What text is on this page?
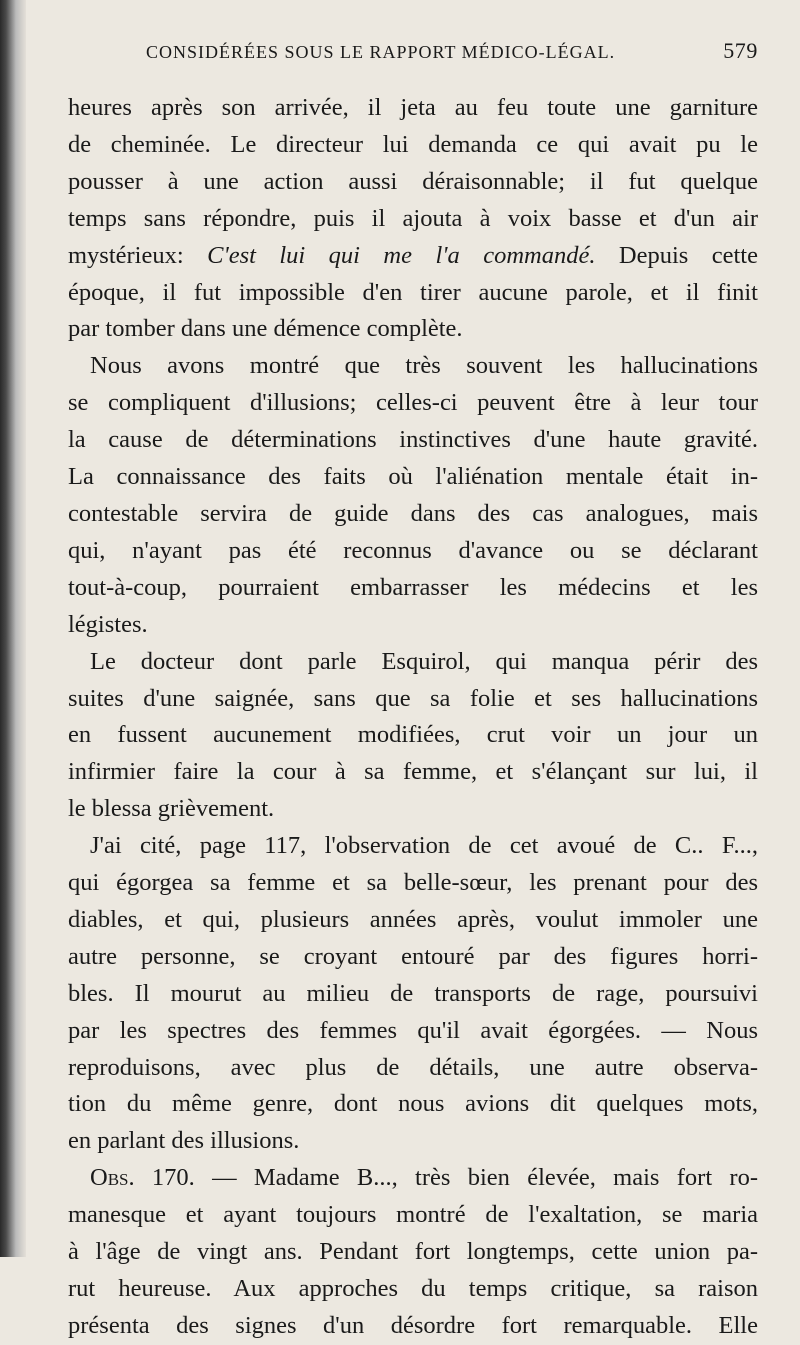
CONSIDÉRÉES SOUS LE RAPPORT MÉDICO-LÉGAL.	579
heures après son arrivée, il jeta au feu toute une garniture
de cheminée. Le directeur lui demanda ce qui avait pu le
pousser à une action aussi déraisonnable; il fut quelque
temps sans répondre, puis il ajouta à voix basse et d'un air
mystérieux: C'est lui qui me l'a commandé. Depuis cette
époque, il fut impossible d'en tirer aucune parole, et il finit
par tomber dans une démence complète.
Nous avons montré que très souvent les hallucinations
se compliquent d'illusions; celles-ci peuvent être à leur tour
la cause de déterminations instinctives d'une haute gravité.
La connaissance des faits où l'aliénation mentale était in-
contestable servira de guide dans des cas analogues, mais
qui, n'ayant pas été reconnus d'avance ou se déclarant
tout-à-coup, pourraient embarrasser les médecins et les
légistes.
Le docteur dont parle Esquirol, qui manqua périr des
suites d'une saignée, sans que sa folie et ses hallucinations
en fussent aucunement modifiées, crut voir un jour un
infirmier faire la cour à sa femme, et s'élançant sur lui, il
le blessa grièvement.
J'ai cité, page 117, l'observation de cet avoué de C.. F...,
qui égorgea sa femme et sa belle-sœur, les prenant pour des
diables, et qui, plusieurs années après, voulut immoler une
autre personne, se croyant entouré par des figures horri-
bles. Il mourut au milieu de transports de rage, poursuivi
par les spectres des femmes qu'il avait égorgées. — Nous
reproduisons, avec plus de détails, une autre observa-
tion du même genre, dont nous avions dit quelques mots,
en parlant des illusions.
Obs. 170. — Madame B..., très bien élevée, mais fort ro-
manesque et ayant toujours montré de l'exaltation, se maria
à l'âge de vingt ans. Pendant fort longtemps, cette union pa-
rut heureuse. Aux approches du temps critique, sa raison
présenta des signes d'un désordre fort remarquable. Elle
